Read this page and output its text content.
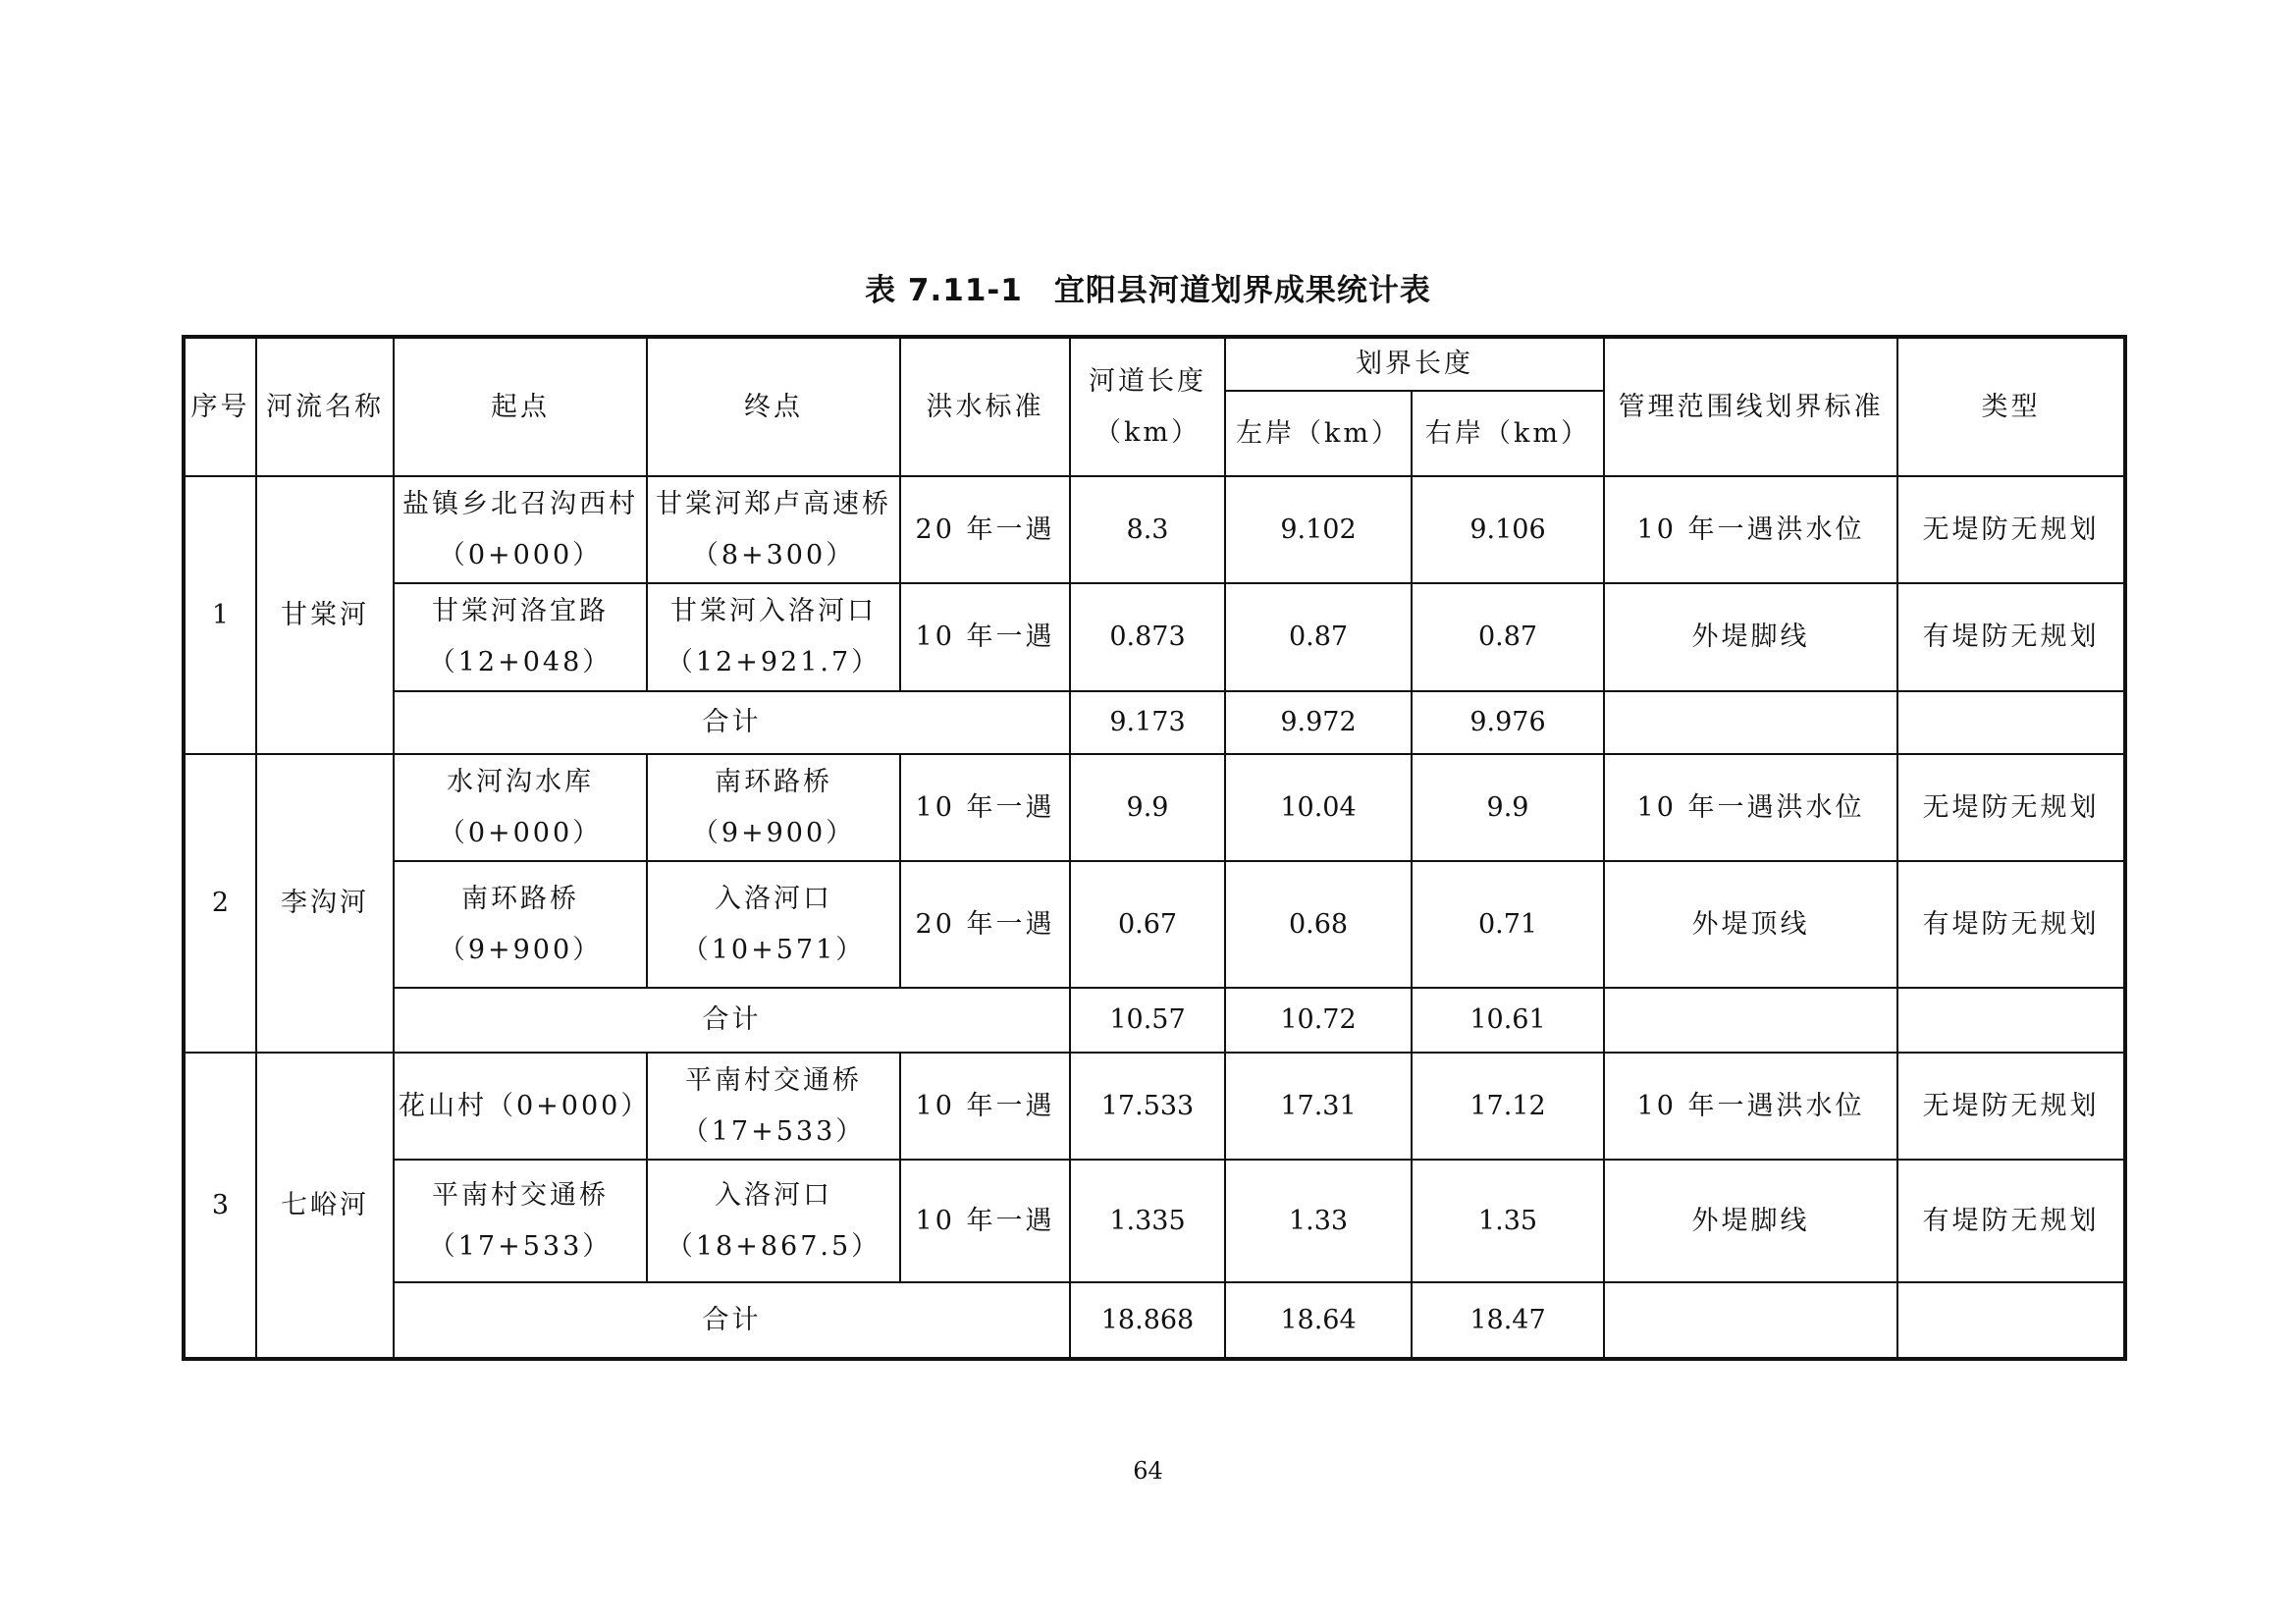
表 7.11-1　宜阳县河道划界成果统计表
序号	河流名称	起点	终点	洪水标准	河道长度（km）	划界长度		管理范围线划界标准	类型
						左岸（km）	右岸（km）		
1	甘棠河	盐镇乡北召沟西村（0+000）	甘棠河郑卢高速桥（8+300）	20 年一遇	8.3	9.102	9.106	10 年一遇洪水位	无堤防无规划
		甘棠河洛宜路（12+048）	甘棠河入洛河口（12+921.7）	10 年一遇	0.873	0.87	0.87	外堤脚线	有堤防无规划
		合计			9.173	9.972	9.976		
2	李沟河	水河沟水库（0+000）	南环路桥（9+900）	10 年一遇	9.9	10.04	9.9	10 年一遇洪水位	无堤防无规划
		南环路桥（9+900）	入洛河口（10+571）	20 年一遇	0.67	0.68	0.71	外堤顶线	有堤防无规划
		合计			10.57	10.72	10.61		
3	七峪河	花山村（0+000）	平南村交通桥（17+533）	10 年一遇	17.533	17.31	17.12	10 年一遇洪水位	无堤防无规划
		平南村交通桥（17+533）	入洛河口（18+867.5）	10 年一遇	1.335	1.33	1.35	外堤脚线	有堤防无规划
		合计			18.868	18.64	18.47		
64
